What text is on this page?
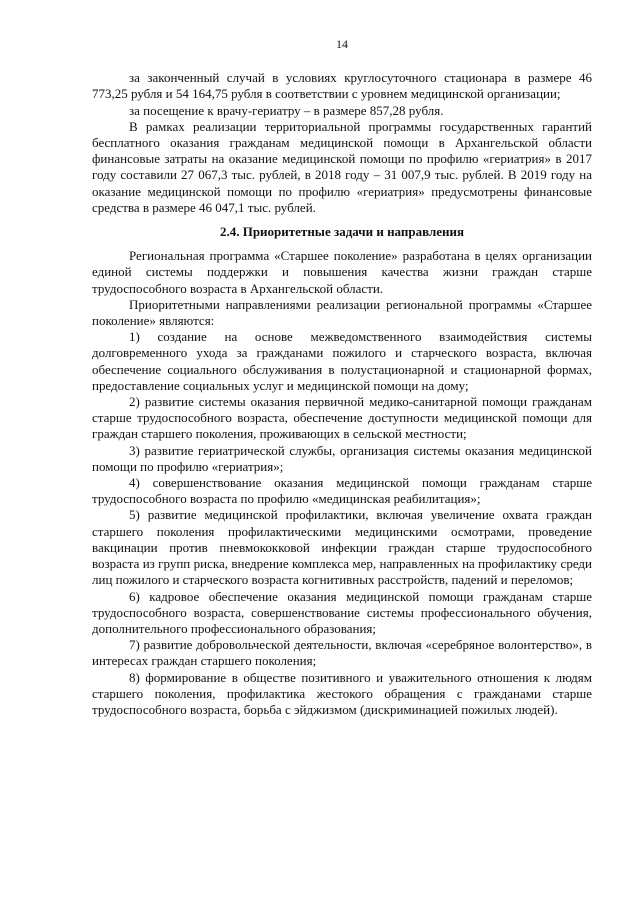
14

за законченный случай в условиях круглосуточного стационара в размере 46 773,25 рубля и 54 164,75 рубля в соответствии с уровнем медицинской организации;

за посещение к врачу-гериатру – в размере 857,28 рубля.

В рамках реализации территориальной программы государственных гарантий бесплатного оказания гражданам медицинской помощи в Архангельской области финансовые затраты на оказание медицинской помощи по профилю «гериатрия» в 2017 году составили 27 067,3 тыс. рублей, в 2018 году – 31 007,9 тыс. рублей. В 2019 году на оказание медицинской помощи по профилю «гериатрия» предусмотрены финансовые средства в размере 46 047,1 тыс. рублей.

2.4. Приоритетные задачи и направления

Региональная программа «Старшее поколение» разработана в целях организации единой системы поддержки и повышения качества жизни граждан старше трудоспособного возраста в Архангельской области.

Приоритетными направлениями реализации региональной программы «Старшее поколение» являются:

1) создание на основе межведомственного взаимодействия системы долговременного ухода за гражданами пожилого и старческого возраста, включая обеспечение социального обслуживания в полустационарной и стационарной формах, предоставление социальных услуг и медицинской помощи на дому;

2) развитие системы оказания первичной медико-санитарной помощи гражданам старше трудоспособного возраста, обеспечение доступности медицинской помощи для граждан старшего поколения, проживающих в сельской местности;

3) развитие гериатрической службы, организация системы оказания медицинской помощи по профилю «гериатрия»;

4) совершенствование оказания медицинской помощи гражданам старше трудоспособного возраста по профилю «медицинская реабилитация»;

5) развитие медицинской профилактики, включая увеличение охвата граждан старшего поколения профилактическими медицинскими осмотрами, проведение вакцинации против пневмококковой инфекции граждан старше трудоспособного возраста из групп риска, внедрение комплекса мер, направленных на профилактику среди лиц пожилого и старческого возраста когнитивных расстройств, падений и переломов;

6) кадровое обеспечение оказания медицинской помощи гражданам старше трудоспособного возраста, совершенствование системы профессионального обучения, дополнительного профессионального образования;

7) развитие добровольческой деятельности, включая «серебряное волонтерство», в интересах граждан старшего поколения;

8) формирование в обществе позитивного и уважительного отношения к людям старшего поколения, профилактика жестокого обращения с гражданами старше трудоспособного возраста, борьба с эйджизмом (дискриминацией пожилых людей).
